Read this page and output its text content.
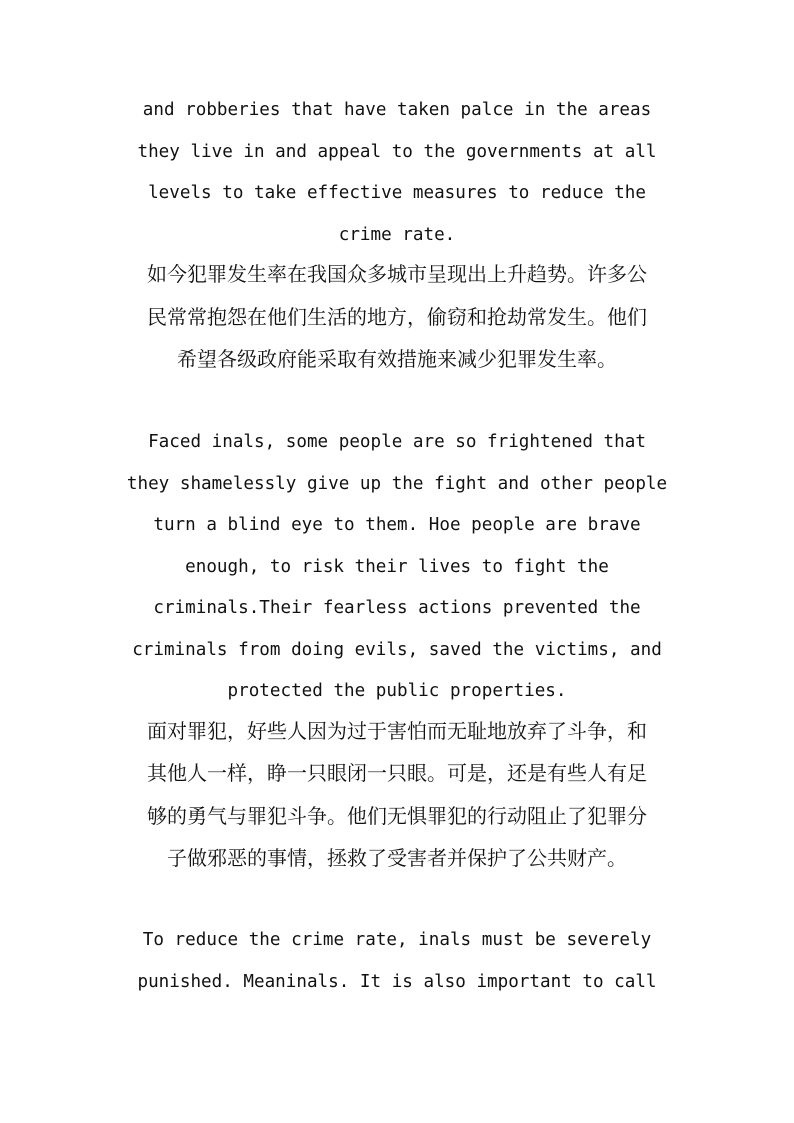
and robberies that have taken palce in the areas
they live in and appeal to the governments at all
levels to take effective measures to reduce the
crime rate.
如今犯罪发生率在我国众多城市呈现出上升趋势。许多公
民常常抱怨在他们生活的地方，偷窃和抢劫常发生。他们
希望各级政府能采取有效措施来减少犯罪发生率。
Faced inals, some people are so frightened that
they shamelessly give up the fight and other people
turn a blind eye to them. Hoe people are brave
enough, to risk their lives to fight the
criminals.Their fearless actions prevented the
criminals from doing evils, saved the victims, and
protected the public properties.
面对罪犯，好些人因为过于害怕而无耻地放弃了斗争，和
其他人一样，睁一只眼闭一只眼。可是，还是有些人有足
够的勇气与罪犯斗争。他们无惧罪犯的行动阻止了犯罪分
子做邪恶的事情，拯救了受害者并保护了公共财产。
To reduce the crime rate, inals must be severely
punished. Meaninals. It is also important to call
